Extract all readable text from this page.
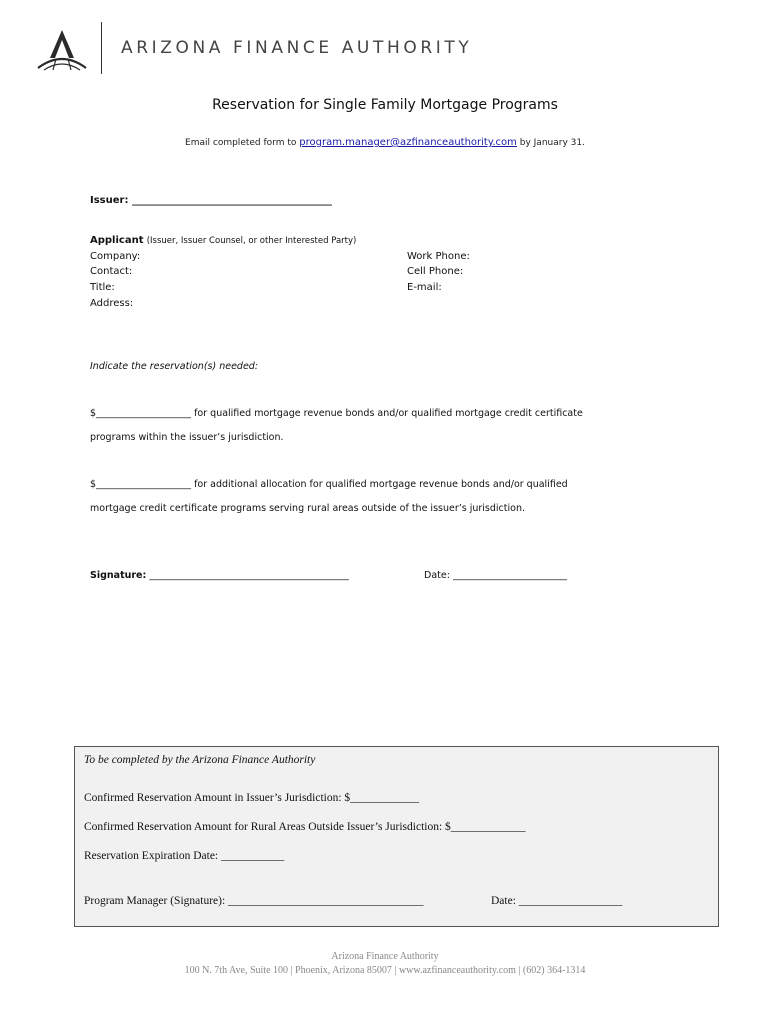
ARIZONA FINANCE AUTHORITY
Reservation for Single Family Mortgage Programs
Email completed form to program.manager@azfinanceauthority.com by January 31.
Issuer: ________________________________________
Applicant (Issuer, Issuer Counsel, or other Interested Party)
Company:
Contact:
Title:
Address:
Work Phone:
Cell Phone:
E-mail:
Indicate the reservation(s) needed:
$____________________ for qualified mortgage revenue bonds and/or qualified mortgage credit certificate
programs within the issuer’s jurisdiction.
$____________________ for additional allocation for qualified mortgage revenue bonds and/or qualified
mortgage credit certificate programs serving rural areas outside of the issuer’s jurisdiction.
Signature: __________________________________________	Date: ________________________
To be completed by the Arizona Finance Authority
Confirmed Reservation Amount in Issuer’s Jurisdiction: $____________
Confirmed Reservation Amount for Rural Areas Outside Issuer’s Jurisdiction: $_____________
Reservation Expiration Date: ___________
Program Manager (Signature): __________________________________	Date: __________________
Arizona Finance Authority
100 N. 7th Ave, Suite 100 | Phoenix, Arizona 85007 | www.azfinanceauthority.com | (602) 364-1314
